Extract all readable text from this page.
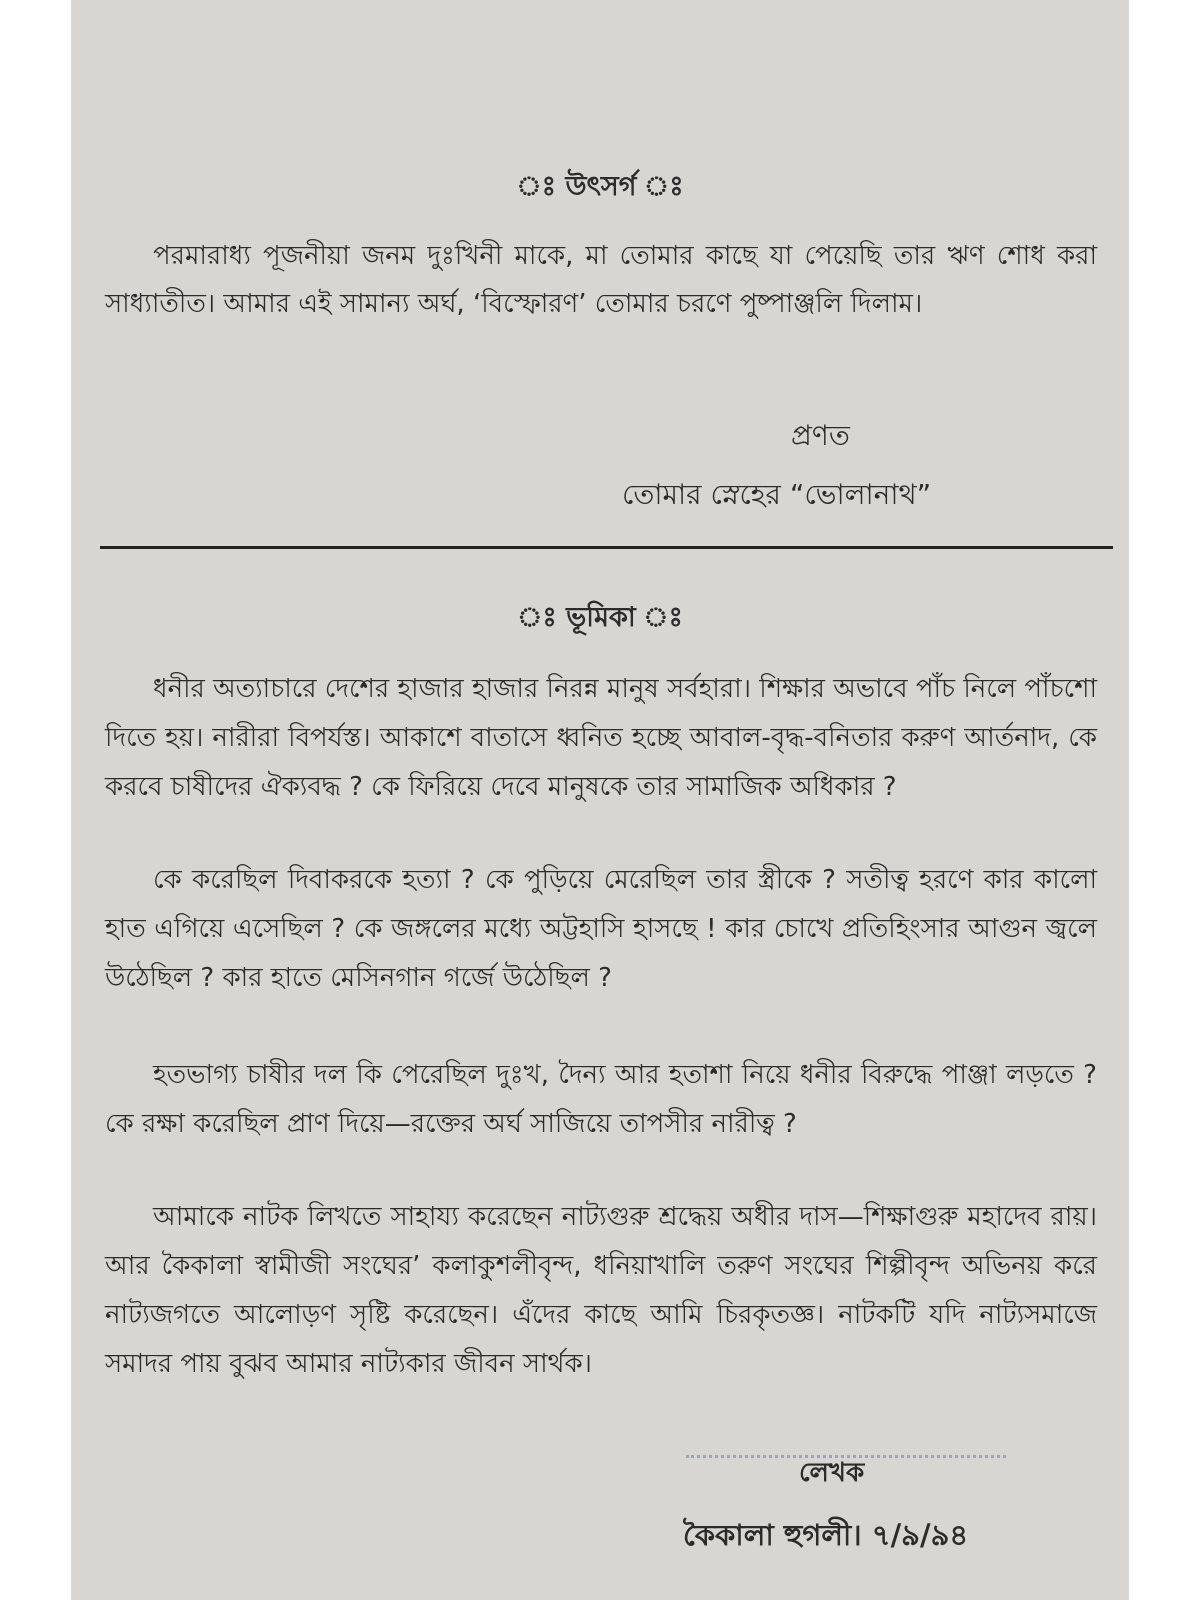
ঃ উৎসর্গ ঃ

পরমারাধ্য পূজনীয়া জনম দুঃখিনী মাকে, মা তোমার কাছে যা পেয়েছি তার ঋণ শোধ করা সাধ্যাতীত। আমার এই সামান্য অর্ঘ, ‘বিস্ফোরণ’ তোমার চরণে পুষ্পাঞ্জলি দিলাম।

প্রণত
তোমার স্নেহের “ভোলানাথ”
ঃ ভূমিকা ঃ

ধনীর অত্যাচারে দেশের হাজার হাজার নিরন্ন মানুষ সর্বহারা। শিক্ষার অভাবে পাঁচ নিলে পাঁচশো দিতে হয়। নারীরা বিপর্যস্ত। আকাশে বাতাসে ধ্বনিত হচ্ছে আবাল-বৃদ্ধ-বনিতার করুণ আর্তনাদ, কে করবে চাষীদের ঐক্যবদ্ধ ? কে ফিরিয়ে দেবে মানুষকে তার সামাজিক অধিকার ?

কে করেছিল দিবাকরকে হত্যা ? কে পুড়িয়ে মেরেছিল তার স্ত্রীকে ? সতীত্ব হরণে কার কালো হাত এগিয়ে এসেছিল ? কে জঙ্গলের মধ্যে অট্টহাসি হাসছে ! কার চোখে প্রতিহিংসার আগুন জ্বলে উঠেছিল ? কার হাতে মেসিনগান গর্জে উঠেছিল ?

হতভাগ্য চাষীর দল কি পেরেছিল দুঃখ, দৈন্য আর হতাশা নিয়ে ধনীর বিরুদ্ধে পাঞ্জা লড়তে ? কে রক্ষা করেছিল প্রাণ দিয়ে—রক্তের অর্ঘ সাজিয়ে তাপসীর নারীত্ব ?

আমাকে নাটক লিখতে সাহায্য করেছেন নাট্যগুরু শ্রদ্ধেয় অধীর দাস—শিক্ষাগুরু মহাদেব রায়। আর কৈকালা স্বামীজী সংঘের’ কলাকুশলীবৃন্দ, ধনিয়াখালি তরুণ সংঘের শিল্পীবৃন্দ অভিনয় করে নাট্যজগতে আলোড়ণ সৃষ্টি করেছেন। এঁদের কাছে আমি চিরকৃতজ্ঞ। নাটকটি যদি নাট্যসমাজে সমাদর পায় বুঝব আমার নাট্যকার জীবন সার্থক।

লেখক
কৈকালা হুগলী। ৭/৯/৯৪
